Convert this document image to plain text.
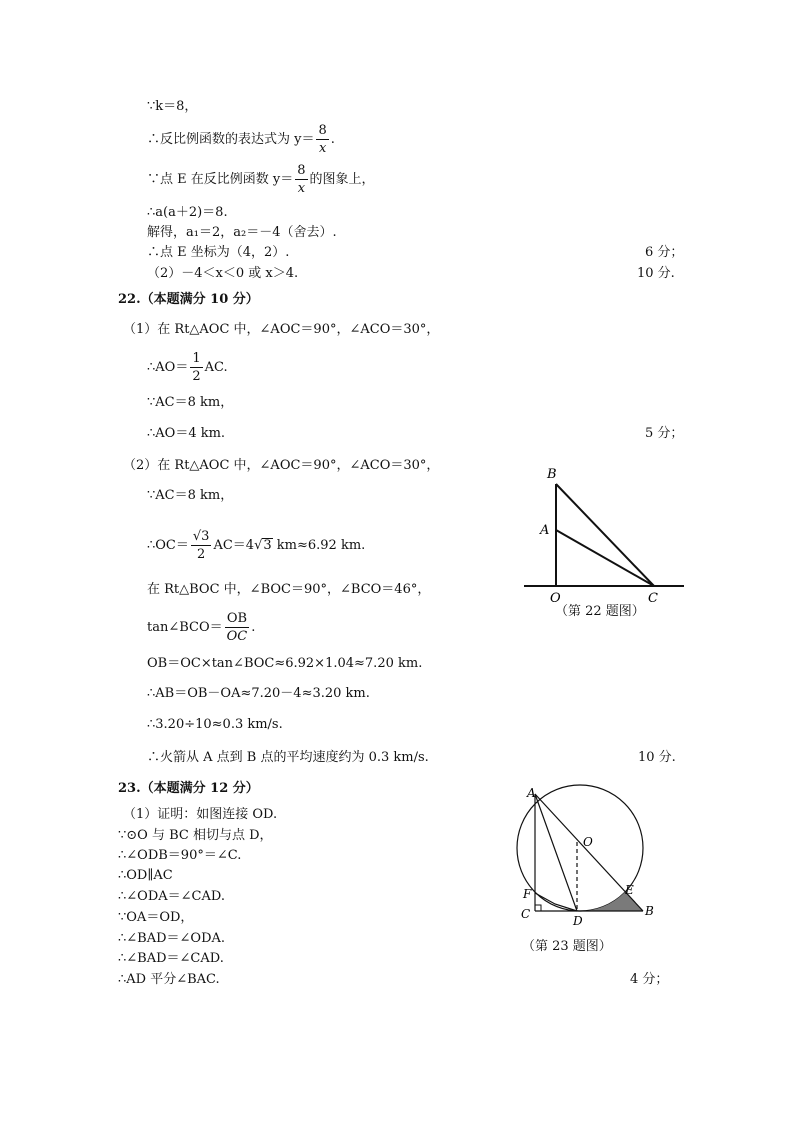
∵k＝8，
∴反比例函数的表达式为 $y= \frac{8}{x}$ .
∵点 E 在反比例函数 $y= \frac{8}{x}$ 的图象上，
∴a(a＋2)＝8.
解得，a₁＝2，a₂＝－4（舍去）.
∴点 E 坐标为（4，2）.	6 分；
（2）－4＜x＜0 或 x＞4.	10 分.
22.（本题满分 10 分）
（1）在 Rt△AOC 中，∠AOC＝90°，∠ACO＝30°，
∴AO＝ $\frac{1}{2}$ AC.
∵AC＝8 km，
∴AO＝4 km.	5 分；
（2）在 Rt△AOC 中，∠AOC＝90°，∠ACO＝30°，
∵AC＝8 km，
∴OC＝ $\frac{√3}{2} AC=4√3$ km≈6.92 km.
在 Rt△BOC 中，∠BOC＝90°，∠BCO＝46°，
tan∠BCO＝ $\frac{OB}{OC}$ .
OB＝OC×tan∠BOC≈6.92×1.04≈7.20 km.
∴AB＝OB－OA≈7.20－4≈3.20 km.
∴3.20÷10≈0.3 km/s.
∴火箭从 A 点到 B 点的平均速度约为 0.3 km/s.	10 分.
B
A
O	C
（第 22 题图）
23.（本题满分 12 分）
（1）证明：如图连接 OD.
∵⊙O 与 BC 相切与点 D，
∴∠ODB＝90°＝∠C.
∴OD∥AC
∴∠ODA＝∠CAD.
∵OA＝OD，
∴∠BAD＝∠ODA.
∴∠BAD＝∠CAD.
∴AD 平分∠BAC.	4 分；
A
O
E
F
C	D
B
（第 23 题图）
